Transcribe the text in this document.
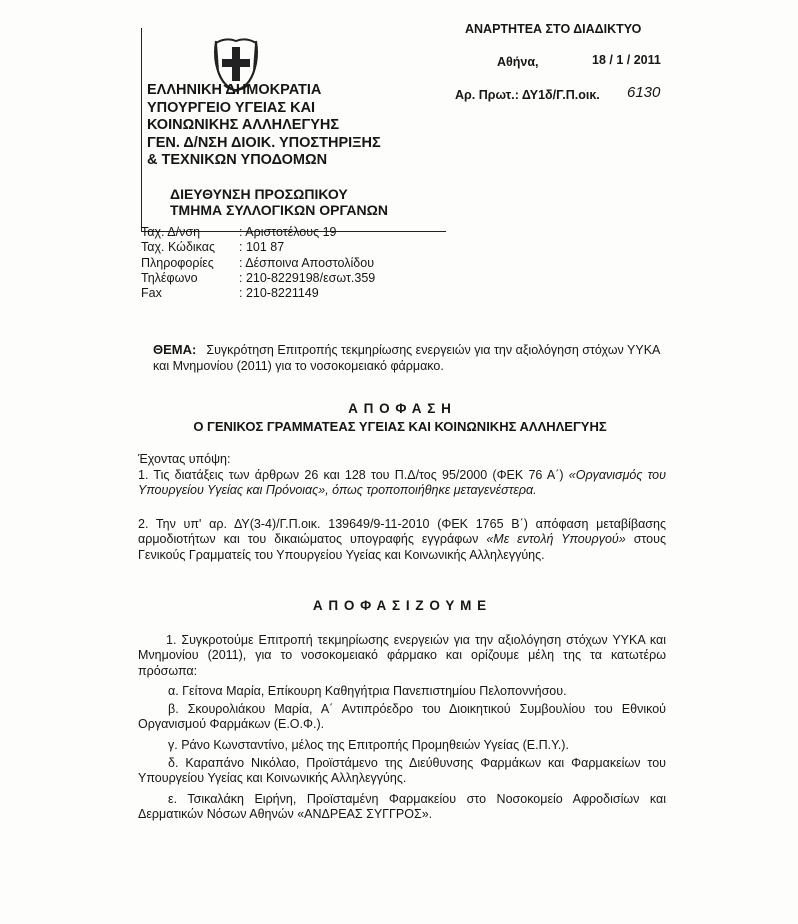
ΕΛΛΗΝΙΚΗ ΔΗΜΟΚΡΑΤΙΑ
ΥΠΟΥΡΓΕΙΟ ΥΓΕΙΑΣ ΚΑΙ
ΚΟΙΝΩΝΙΚΗΣ ΑΛΛΗΛΕΓΥΗΣ
ΓΕΝ. Δ/ΝΣΗ ΔΙΟΙΚ. ΥΠΟΣΤΗΡΙΞΗΣ
& ΤΕΧΝΙΚΩΝ ΥΠΟΔΟΜΩΝ
ΔΙΕΥΘΥΝΣΗ ΠΡΟΣΩΠΙΚΟΥ
ΤΜΗΜΑ ΣΥΛΛΟΓΙΚΩΝ ΟΡΓΑΝΩΝ
ΑΝΑΡΤΗΤΕΑ ΣΤΟ ΔΙΑΔΙΚΤΥΟ
Αθήνα,	18 / 1 / 2011
Αρ. Πρωτ.: ΔΥ1δ/Γ.Π.οικ. 6130
Ταχ. Δ/νση	: Αριστοτέλους 19
Ταχ. Κώδικας	: 101 87
Πληροφορίες	: Δέσποινα Αποστολίδου
Τηλέφωνο	: 210-8229198/εσωτ.359
Fax	: 210-8221149
ΘΕΜΑ: Συγκρότηση Επιτροπής τεκμηρίωσης ενεργειών για την αξιολόγηση στόχων ΥΥΚΑ και Μνημονίου (2011) για το νοσοκομειακό φάρμακο.
Α Π Ο Φ Α Σ Η
Ο ΓΕΝΙΚΟΣ ΓΡΑΜΜΑΤΕΑΣ ΥΓΕΙΑΣ ΚΑΙ ΚΟΙΝΩΝΙΚΗΣ ΑΛΛΗΛΕΓΥΗΣ
Έχοντας υπόψη:
1. Τις διατάξεις των άρθρων 26 και 128 του Π.Δ/τος 95/2000 (ΦΕΚ 76 Α΄) «Οργανισμός του Υπουργείου Υγείας και Πρόνοιας», όπως τροποποιήθηκε μεταγενέστερα.
2. Την υπ' αρ. ΔΥ(3-4)/Γ.Π.οικ. 139649/9-11-2010 (ΦΕΚ 1765 Β΄) απόφαση μεταβίβασης αρμοδιοτήτων και του δικαιώματος υπογραφής εγγράφων «Με εντολή Υπουργού» στους Γενικούς Γραμματείς του Υπουργείου Υγείας και Κοινωνικής Αλληλεγγύης.
Α Π Ο Φ Α Σ Ι Ζ Ο Υ Μ Ε
1. Συγκροτούμε Επιτροπή τεκμηρίωσης ενεργειών για την αξιολόγηση στόχων ΥΥΚΑ και Μνημονίου (2011), για το νοσοκομειακό φάρμακο και ορίζουμε μέλη της τα κατωτέρω πρόσωπα:
α. Γείτονα Μαρία, Επίκουρη Καθηγήτρια Πανεπιστημίου Πελοποννήσου.
β. Σκουρολιάκου Μαρία, Α΄ Αντιπρόεδρο του Διοικητικού Συμβουλίου του Εθνικού Οργανισμού Φαρμάκων (Ε.Ο.Φ.).
γ. Ράνο Κωνσταντίνο, μέλος της Επιτροπής Προμηθειών Υγείας (Ε.Π.Υ.).
δ. Καραπάνο Νικόλαο, Προϊστάμενο της Διεύθυνσης Φαρμάκων και Φαρμακείων του Υπουργείου Υγείας και Κοινωνικής Αλληλεγγύης.
ε. Τσικαλάκη Ειρήνη, Προϊσταμένη Φαρμακείου στο Νοσοκομείο Αφροδισίων και Δερματικών Νόσων Αθηνών «ΑΝΔΡΕΑΣ ΣΥΓΓΡΟΣ».
